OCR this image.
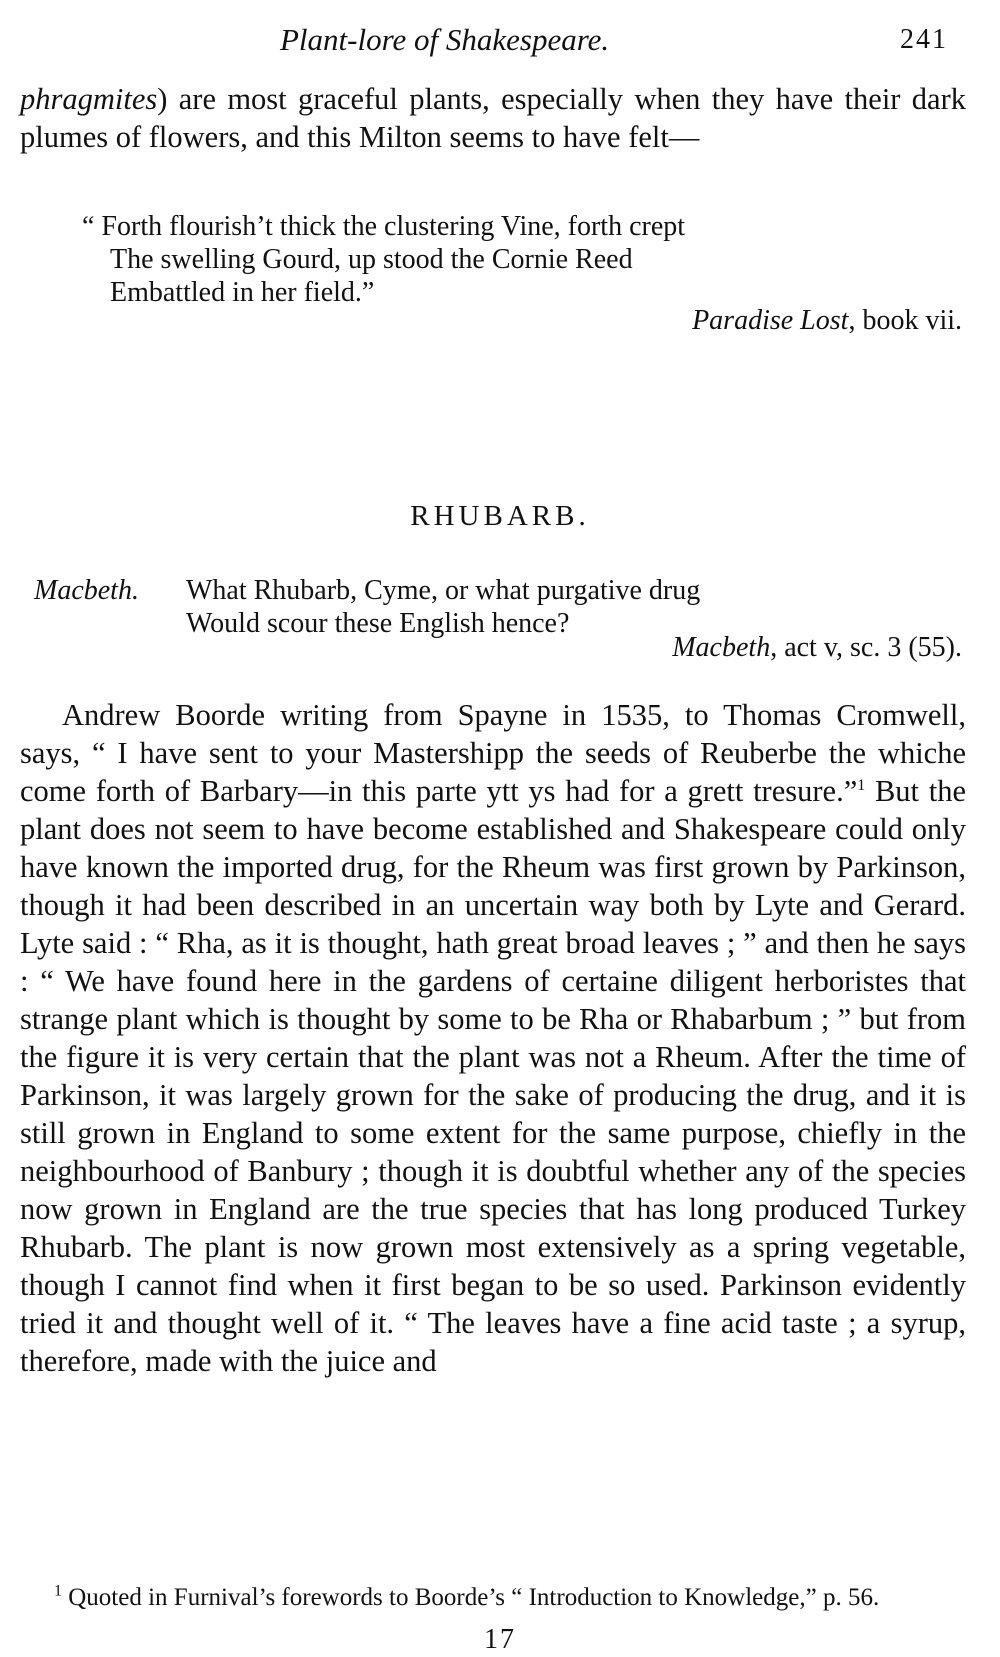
Plant-lore of Shakespeare.	241

phragmites) are most graceful plants, especially when they have their dark plumes of flowers, and this Milton seems to have felt—

“ Forth flourish’t thick the clustering Vine, forth crept
The swelling Gourd, up stood the Cornie Reed
Embattled in her field.”
Paradise Lost, book vii.
RHUBARB.
Macbeth. What Rhubarb, Cyme, or what purgative drug
Would scour these English hence?
Macbeth, act v, sc. 3 (55).

Andrew Boorde writing from Spayne in 1535, to Thomas Cromwell, says, “ I have sent to your Mastershipp the seeds of Reuberbe the whiche come forth of Barbary—in this parte ytt ys had for a grett tresure.”$^1$ But the plant does not seem to have become established and Shakespeare could only have known the imported drug, for the Rheum was first grown by Parkinson, though it had been described in an uncertain way both by Lyte and Gerard. Lyte said : “ Rha, as it is thought, hath great broad leaves ; ” and then he says : “ We have found here in the gardens of certaine diligent herboristes that strange plant which is thought by some to be Rha or Rhabarbum ; ” but from the figure it is very certain that the plant was not a Rheum. After the time of Parkinson, it was largely grown for the sake of producing the drug, and it is still grown in England to some extent for the same purpose, chiefly in the neighbourhood of Banbury ; though it is doubtful whether any of the species now grown in England are the true species that has long produced Turkey Rhubarb. The plant is now grown most extensively as a spring vegetable, though I cannot find when it first began to be so used. Parkinson evidently tried it and thought well of it. “ The leaves have a fine acid taste ; a syrup, therefore, made with the juice and

$^1$ Quoted in Furnival’s forewords to Boorde’s “ Introduction to Knowledge,” p. 56.

17
